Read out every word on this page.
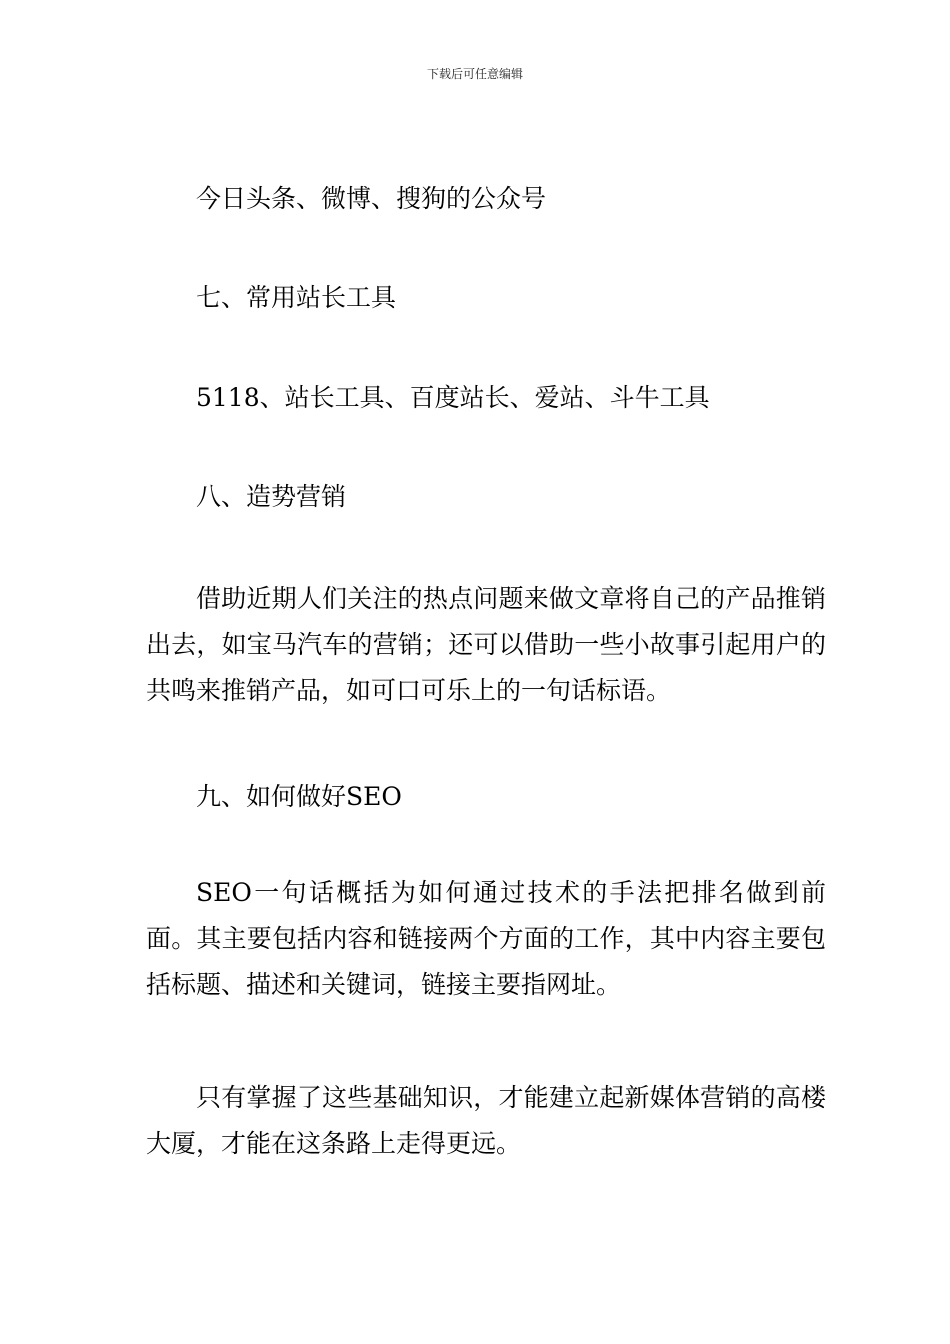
下载后可任意编辑
今日头条、微博、搜狗的公众号
七、常用站长工具
5118、站长工具、百度站长、爱站、斗牛工具
八、造势营销
借助近期人们关注的热点问题来做文章将自己的产品推销出去，如宝马汽车的营销；还可以借助一些小故事引起用户的共鸣来推销产品，如可口可乐上的一句话标语。
九、如何做好SEO
SEO一句话概括为如何通过技术的手法把排名做到前面。其主要包括内容和链接两个方面的工作，其中内容主要包括标题、描述和关键词，链接主要指网址。
只有掌握了这些基础知识，才能建立起新媒体营销的高楼大厦，才能在这条路上走得更远。
